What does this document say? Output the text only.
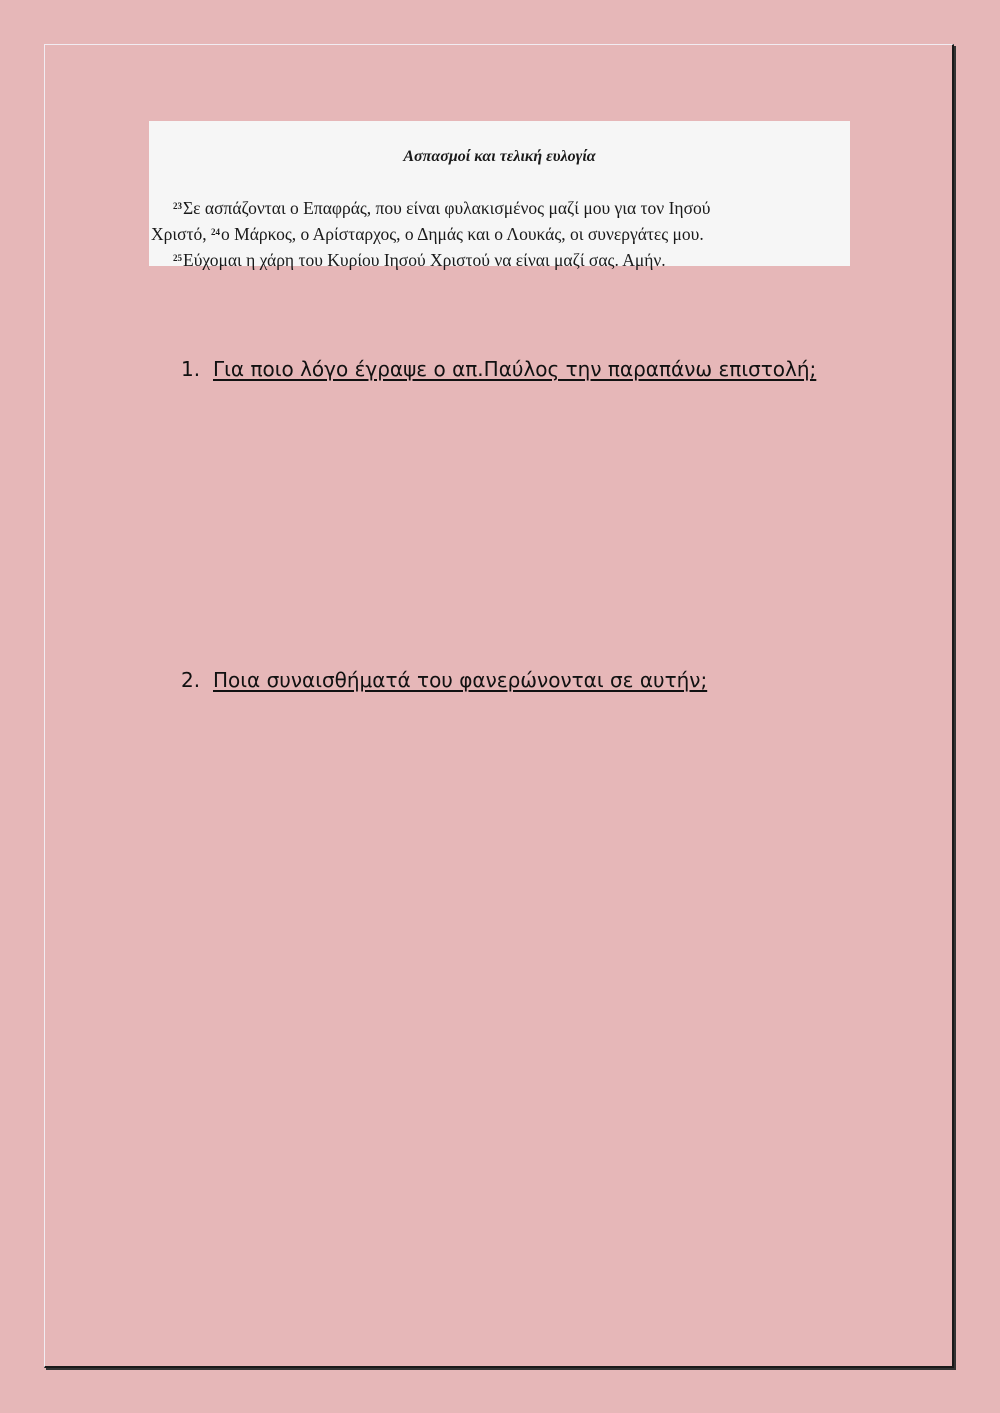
Ασπασμοί και τελική ευλογία

$^{23}$Σε ασπάζονται ο Επαφράς, που είναι φυλακισμένος μαζί μου για τον Ιησού
Χριστό, $^{24}$ο Μάρκος, ο Αρίσταρχος, ο Δημάς και ο Λουκάς, οι συνεργάτες μου.
$^{25}$Εύχομαι η χάρη του Κυρίου Ιησού Χριστού να είναι μαζί σας. Αμήν.
1. Για ποιο λόγο έγραψε ο απ.Παύλος την παραπάνω επιστολή;
2. Ποια συναισθήματά του φανερώνονται σε αυτήν;
